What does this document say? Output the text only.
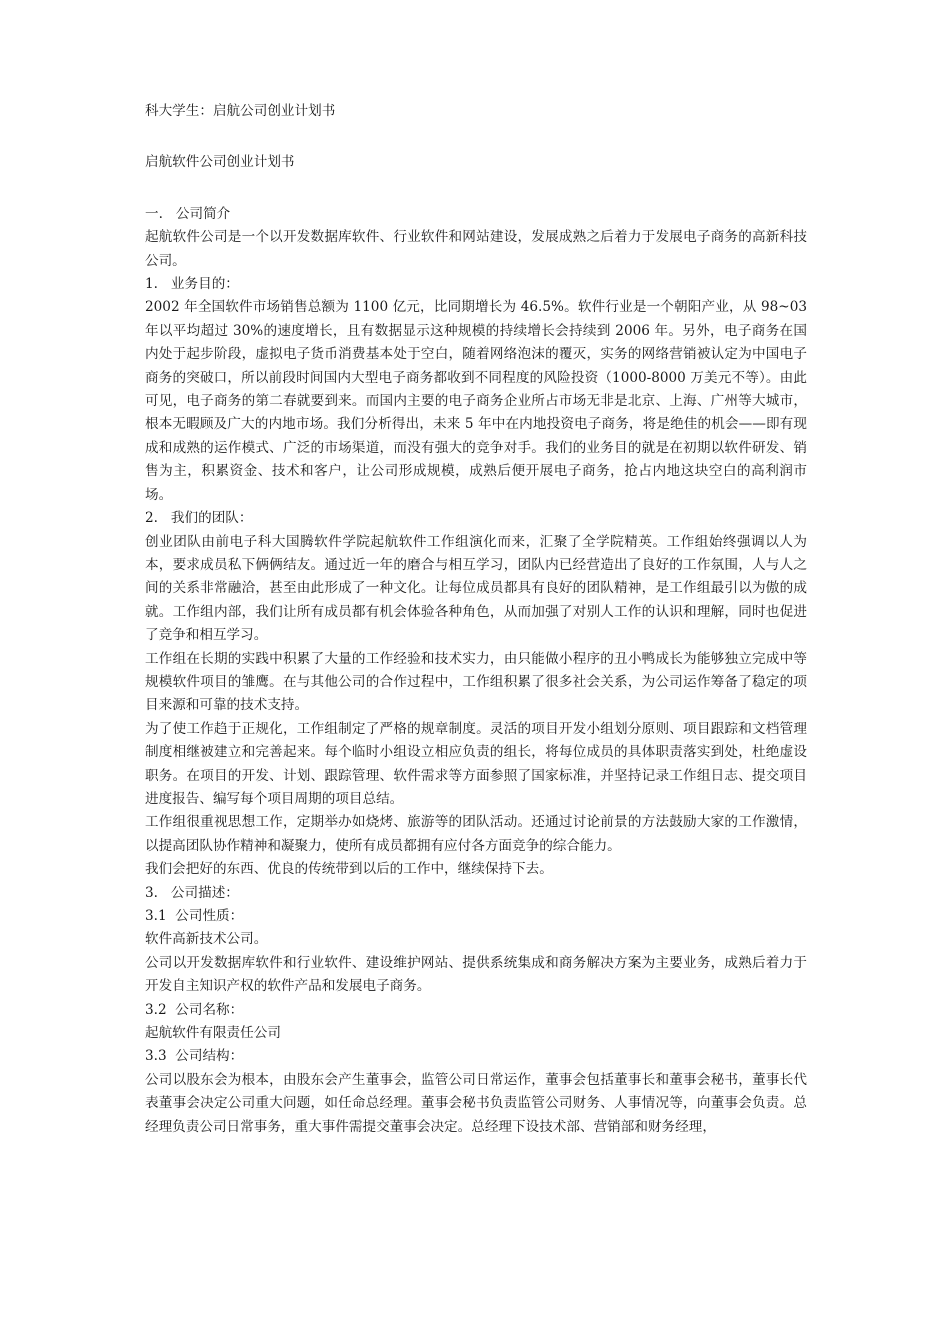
科大学生：启航公司创业计划书

启航软件公司创业计划书

一.   公司简介

起航软件公司是一个以开发数据库软件、行业软件和网站建设，发展成熟之后着力于发展电子商务的高新科技公司。

1.   业务目的：

2002 年全国软件市场销售总额为 1100 亿元，比同期增长为 46.5%。软件行业是一个朝阳产业，从 98~03 年以平均超过 30%的速度增长，且有数据显示这种规模的持续增长会持续到 2006 年。另外，电子商务在国内处于起步阶段，虚拟电子货币消费基本处于空白，随着网络泡沫的覆灭，实务的网络营销被认定为中国电子商务的突破口，所以前段时间国内大型电子商务都收到不同程度的风险投资（1000-8000 万美元不等）。由此可见，电子商务的第二春就要到来。而国内主要的电子商务企业所占市场无非是北京、上海、广州等大城市，根本无暇顾及广大的内地市场。我们分析得出，未来 5 年中在内地投资电子商务，将是绝佳的机会——即有现成和成熟的运作模式、广泛的市场渠道，而没有强大的竞争对手。我们的业务目的就是在初期以软件研发、销售为主，积累资金、技术和客户，让公司形成规模，成熟后便开展电子商务，抢占内地这块空白的高利润市场。

2.   我们的团队：

创业团队由前电子科大国腾软件学院起航软件工作组演化而来，汇聚了全学院精英。工作组始终强调以人为本，要求成员私下俩俩结友。通过近一年的磨合与相互学习，团队内已经营造出了良好的工作氛围，人与人之间的关系非常融洽，甚至由此形成了一种文化。让每位成员都具有良好的团队精神，是工作组最引以为傲的成就。工作组内部，我们让所有成员都有机会体验各种角色，从而加强了对别人工作的认识和理解，同时也促进了竞争和相互学习。

工作组在长期的实践中积累了大量的工作经验和技术实力，由只能做小程序的丑小鸭成长为能够独立完成中等规模软件项目的雏鹰。在与其他公司的合作过程中，工作组积累了很多社会关系，为公司运作筹备了稳定的项目来源和可靠的技术支持。

为了使工作趋于正规化，工作组制定了严格的规章制度。灵活的项目开发小组划分原则、项目跟踪和文档管理制度相继被建立和完善起来。每个临时小组设立相应负责的组长，将每位成员的具体职责落实到处，杜绝虚设职务。在项目的开发、计划、跟踪管理、软件需求等方面参照了国家标准，并坚持记录工作组日志、提交项目进度报告、编写每个项目周期的项目总结。

工作组很重视思想工作，定期举办如烧烤、旅游等的团队活动。还通过讨论前景的方法鼓励大家的工作激情，以提高团队协作精神和凝聚力，使所有成员都拥有应付各方面竞争的综合能力。

我们会把好的东西、优良的传统带到以后的工作中，继续保持下去。

3.   公司描述：

3.1  公司性质：

软件高新技术公司。

公司以开发数据库软件和行业软件、建设维护网站、提供系统集成和商务解决方案为主要业务，成熟后着力于开发自主知识产权的软件产品和发展电子商务。

3.2  公司名称：

起航软件有限责任公司

3.3  公司结构：

公司以股东会为根本，由股东会产生董事会，监管公司日常运作，董事会包括董事长和董事会秘书，董事长代表董事会决定公司重大问题，如任命总经理。董事会秘书负责监管公司财务、人事情况等，向董事会负责。总经理负责公司日常事务，重大事件需提交董事会决定。总经理下设技术部、营销部和财务经理，
